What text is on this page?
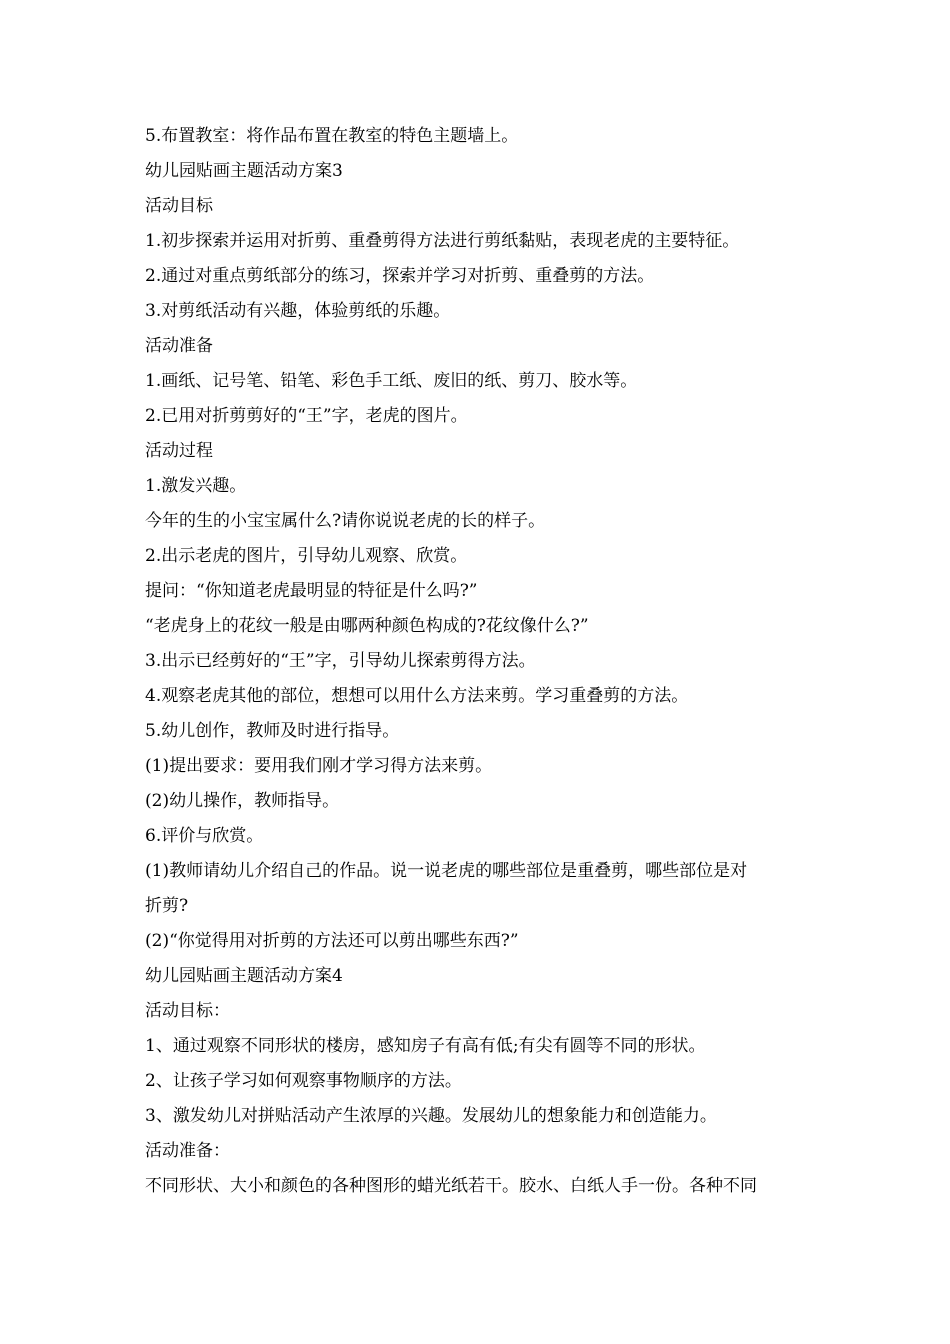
5.布置教室：将作品布置在教室的特色主题墙上。
幼儿园贴画主题活动方案3
活动目标
1.初步探索并运用对折剪、重叠剪得方法进行剪纸黏贴，表现老虎的主要特征。
2.通过对重点剪纸部分的练习，探索并学习对折剪、重叠剪的方法。
3.对剪纸活动有兴趣，体验剪纸的乐趣。
活动准备
1.画纸、记号笔、铅笔、彩色手工纸、废旧的纸、剪刀、胶水等。
2.已用对折剪剪好的“王”字，老虎的图片。
活动过程
1.激发兴趣。
今年的生的小宝宝属什么?请你说说老虎的长的样子。
2.出示老虎的图片，引导幼儿观察、欣赏。
提问：“你知道老虎最明显的特征是什么吗?”
“老虎身上的花纹一般是由哪两种颜色构成的?花纹像什么?”
3.出示已经剪好的“王”字，引导幼儿探索剪得方法。
4.观察老虎其他的部位，想想可以用什么方法来剪。学习重叠剪的方法。
5.幼儿创作，教师及时进行指导。
(1)提出要求：要用我们刚才学习得方法来剪。
(2)幼儿操作，教师指导。
6.评价与欣赏。
(1)教师请幼儿介绍自己的作品。说一说老虎的哪些部位是重叠剪，哪些部位是对
折剪?
(2)“你觉得用对折剪的方法还可以剪出哪些东西?”
幼儿园贴画主题活动方案4
活动目标：
1、通过观察不同形状的楼房，感知房子有高有低;有尖有圆等不同的形状。
2、让孩子学习如何观察事物顺序的方法。
3、激发幼儿对拼贴活动产生浓厚的兴趣。发展幼儿的想象能力和创造能力。
活动准备：
不同形状、大小和颜色的各种图形的蜡光纸若干。胶水、白纸人手一份。各种不同
